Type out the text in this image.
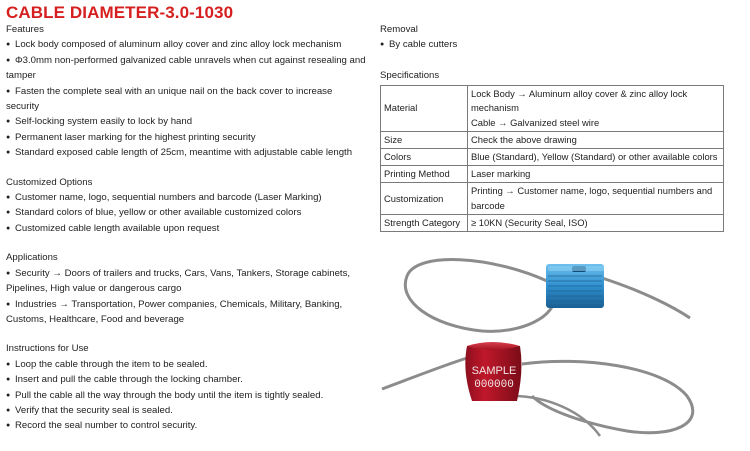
CABLE DIAMETER-3.0-1030
Features
● Lock body composed of aluminum alloy cover and zinc alloy lock mechanism
● Φ3.0mm non-performed galvanized cable unravels when cut against resealing and tamper
● Fasten the complete seal with an unique nail on the back cover to increase security
● Self-locking system easily to lock by hand
● Permanent laser marking for the highest printing security
● Standard exposed cable length of 25cm, meantime with adjustable cable length
Customized Options
● Customer name, logo, sequential numbers and barcode (Laser Marking)
● Standard colors of blue, yellow or other available customized colors
● Customized cable length available upon request
Applications
● Security → Doors of trailers and trucks, Cars, Vans, Tankers, Storage cabinets, Pipelines, High value or dangerous cargo
● Industries → Transportation, Power companies, Chemicals, Military, Banking, Customs, Healthcare, Food and beverage
Instructions for Use
● Loop the cable through the item to be sealed.
● Insert and pull the cable through the locking chamber.
● Pull the cable all the way through the body until the item is tightly sealed.
● Verify that the security seal is sealed.
● Record the seal number to control security.
Removal
● By cable cutters
Specifications
Material	Lock Body → Aluminum alloy cover & zinc alloy lock mechanism
Cable → Galvanized steel wire

Size	Check the above drawing

Colors	Blue (Standard), Yellow (Standard) or other available colors

Printing Method	Laser marking

Customization	Printing → Customer name, logo, sequential numbers and barcode

Strength Category	≥ 10KN (Security Seal, ISO)
SAMPLE
000000
